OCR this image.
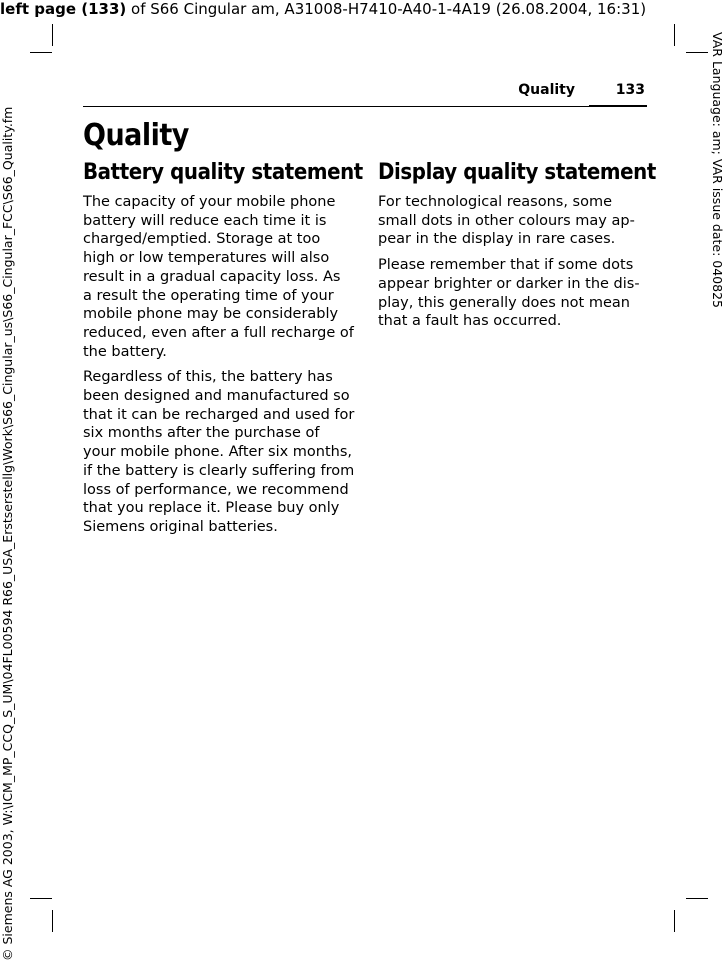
left page (133) of S66 Cingular am, A31008-H7410-A40-1-4A19 (26.08.2004, 16:31)
© Siemens AG 2003, W:\ICM_MP_CCQ_S_UM\04FL00594 R66_USA_Erstserstellg\Work\S66_Cingular_us\S66_Cingular_FCC\S66_Quality.fm	VAR Language: am; VAR issue date: 040825
Quality	133
Quality
Battery quality statement

The capacity of your mobile phone
battery will reduce each time it is
charged/emptied. Storage at too
high or low temperatures will also
result in a gradual capacity loss. As
a result the operating time of your
mobile phone may be considerably
reduced, even after a full recharge of
the battery.

Regardless of this, the battery has
been designed and manufactured so
that it can be recharged and used for
six months after the purchase of
your mobile phone. After six months,
if the battery is clearly suffering from
loss of performance, we recommend
that you replace it. Please buy only
Siemens original batteries.

Display quality statement

For technological reasons, some
small dots in other colours may ap-
pear in the display in rare cases.

Please remember that if some dots
appear brighter or darker in the dis-
play, this generally does not mean
that a fault has occurred.
